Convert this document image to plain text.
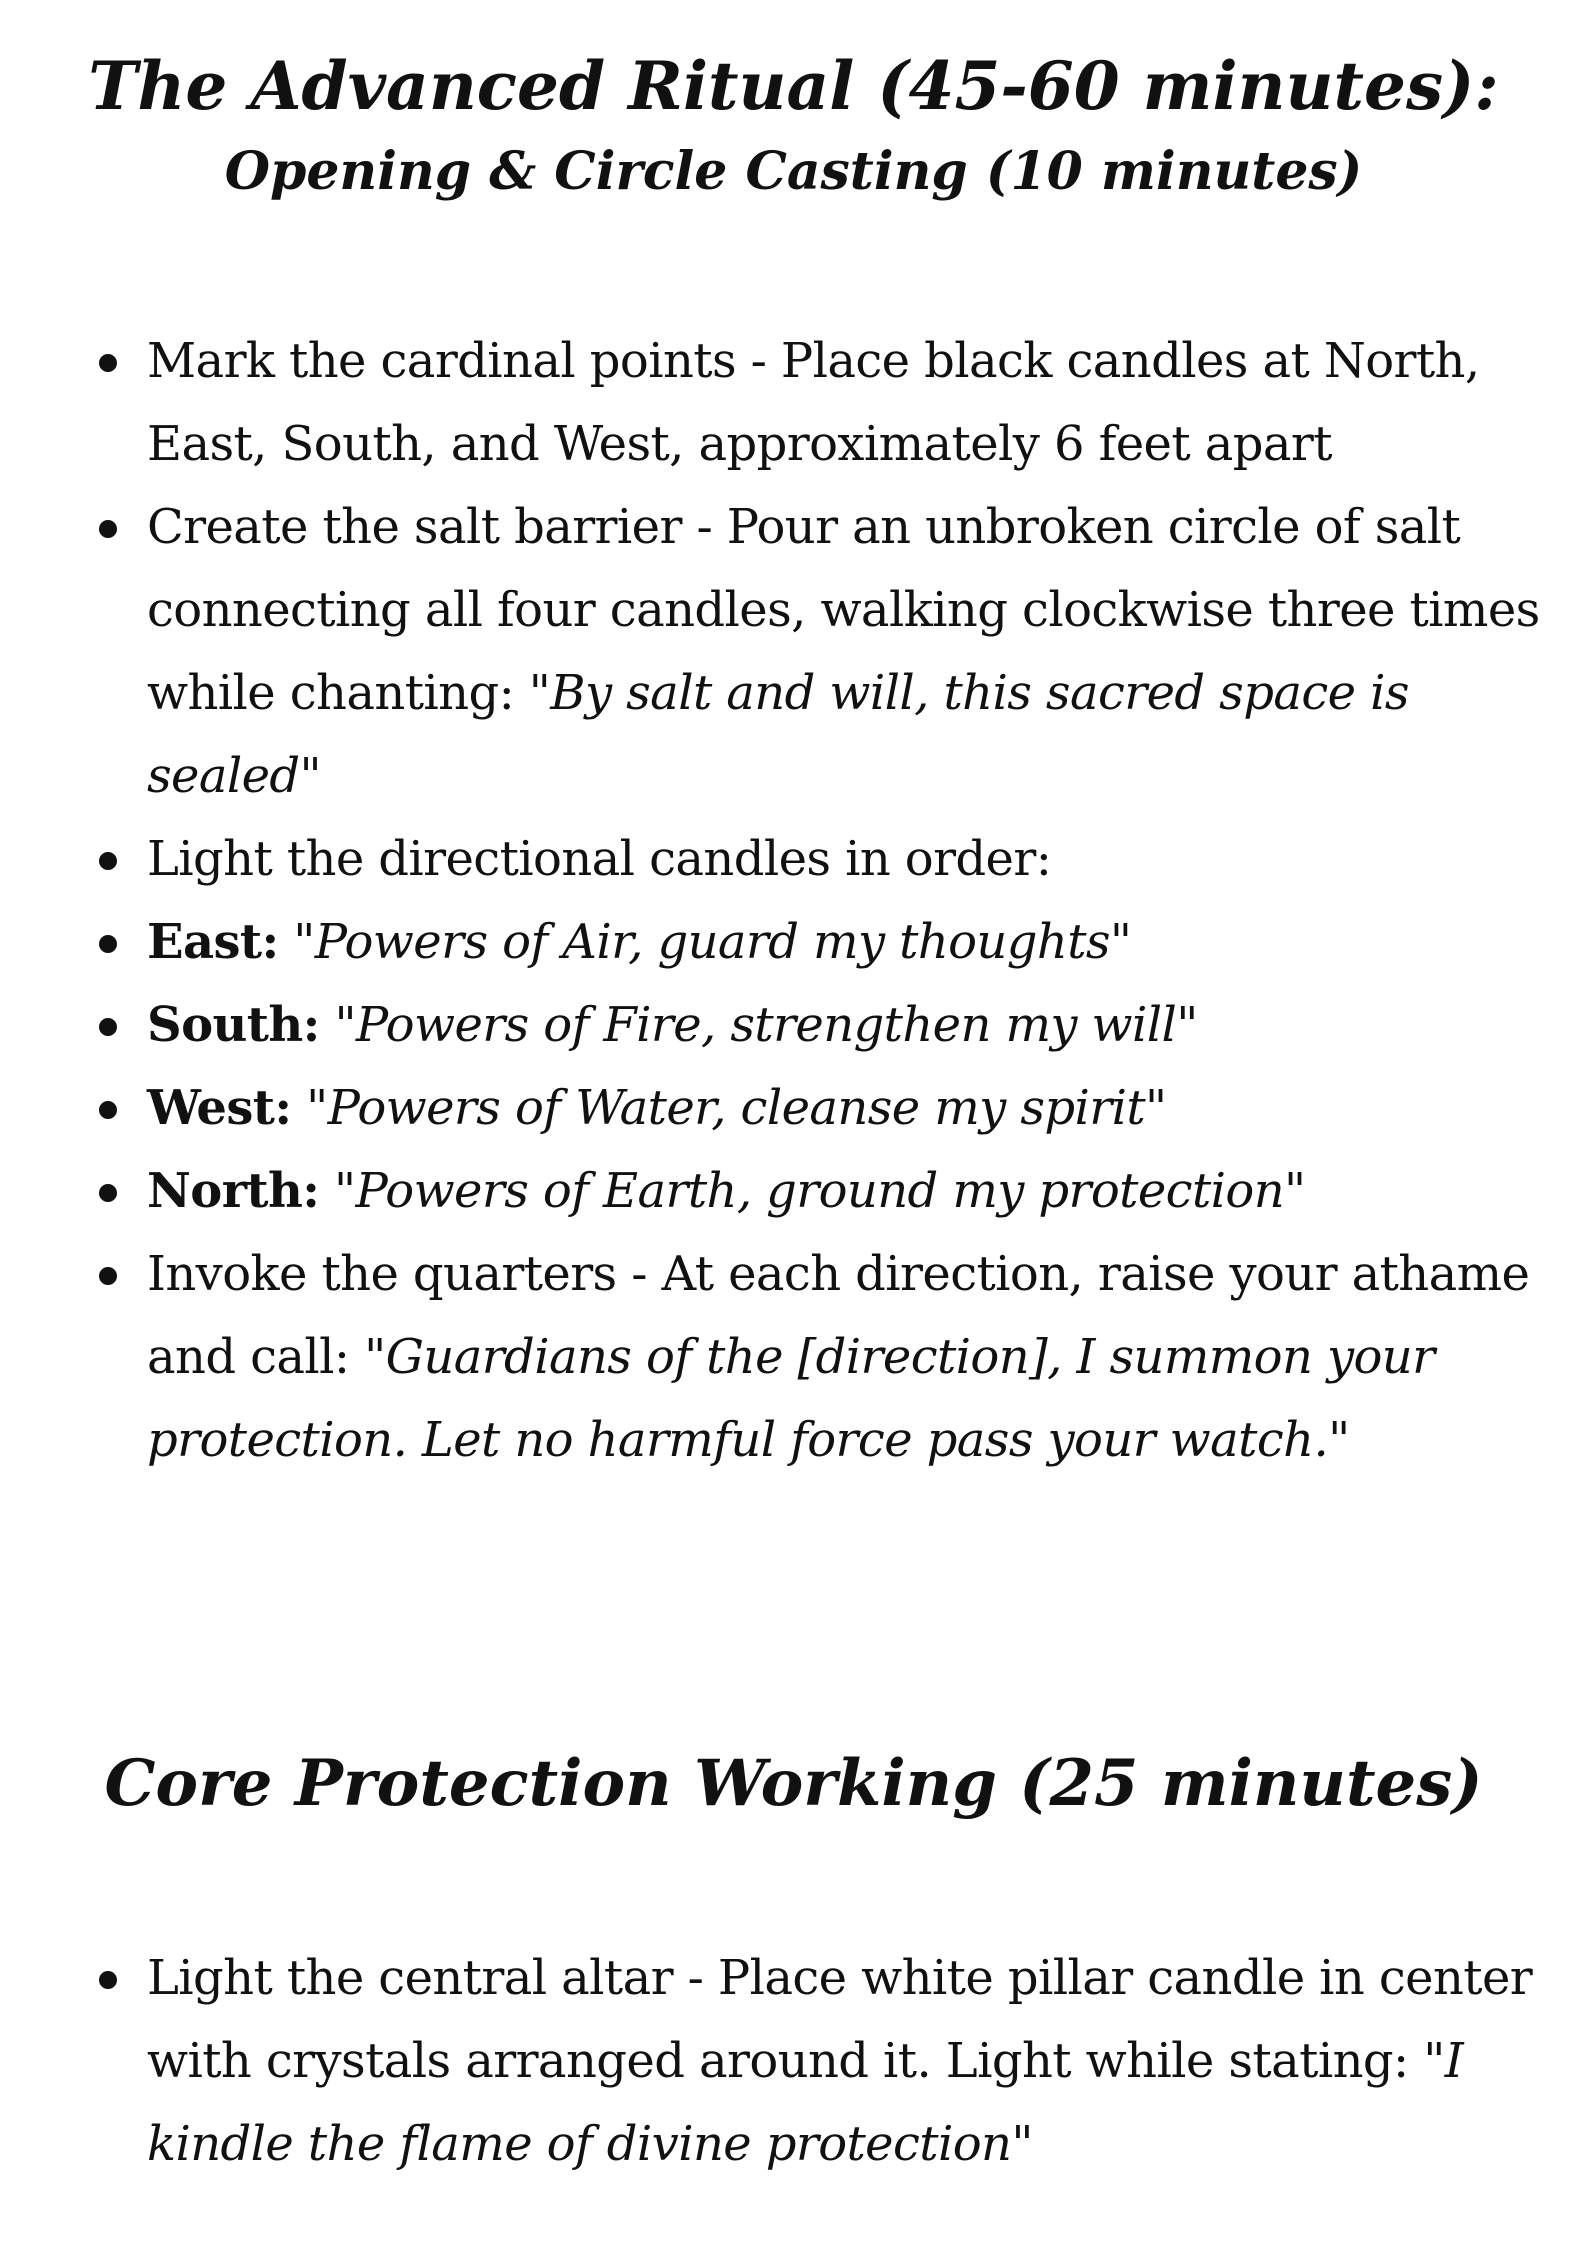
The Advanced Ritual (45-60 minutes):
Opening & Circle Casting (10 minutes)
Mark the cardinal points - Place black candles at North, East, South, and West, approximately 6 feet apart
Create the salt barrier - Pour an unbroken circle of salt connecting all four candles, walking clockwise three times while chanting: "By salt and will, this sacred space is sealed"
Light the directional candles in order:
East: "Powers of Air, guard my thoughts"
South: "Powers of Fire, strengthen my will"
West: "Powers of Water, cleanse my spirit"
North: "Powers of Earth, ground my protection"
Invoke the quarters - At each direction, raise your athame and call: "Guardians of the [direction], I summon your protection. Let no harmful force pass your watch."
Core Protection Working (25 minutes)
Light the central altar - Place white pillar candle in center with crystals arranged around it. Light while stating: "I kindle the flame of divine protection"
